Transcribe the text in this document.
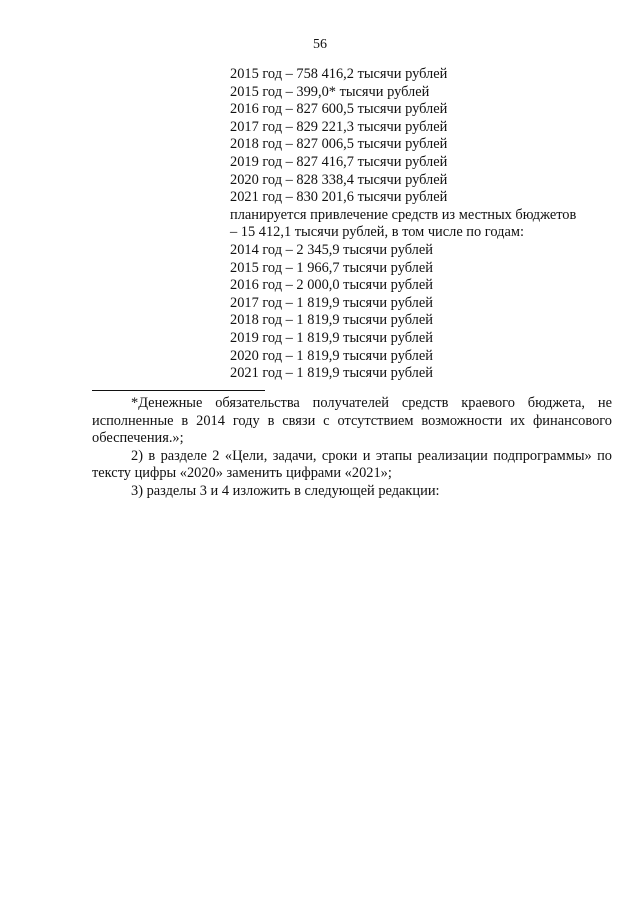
56
2015 год – 758 416,2 тысячи рублей
2015 год – 399,0* тысячи рублей
2016 год – 827 600,5 тысячи рублей
2017 год – 829 221,3 тысячи рублей
2018 год – 827 006,5 тысячи рублей
2019 год – 827 416,7 тысячи рублей
2020 год – 828 338,4 тысячи рублей
2021 год – 830 201,6 тысячи рублей
планируется привлечение средств из местных бюджетов
– 15 412,1 тысячи рублей, в том числе по годам:
2014 год – 2 345,9 тысячи рублей
2015 год – 1 966,7 тысячи рублей
2016 год – 2 000,0 тысячи рублей
2017 год – 1 819,9 тысячи рублей
2018 год – 1 819,9 тысячи рублей
2019 год – 1 819,9 тысячи рублей
2020 год – 1 819,9 тысячи рублей
2021 год – 1 819,9 тысячи рублей

*Денежные обязательства получателей средств краевого бюджета, не исполненные в 2014 году в связи с отсутствием возможности их финансового обеспечения.»;

2) в разделе 2 «Цели, задачи, сроки и этапы реализации подпрограммы» по тексту цифры «2020» заменить цифрами «2021»;

3) разделы 3 и 4 изложить в следующей редакции:
